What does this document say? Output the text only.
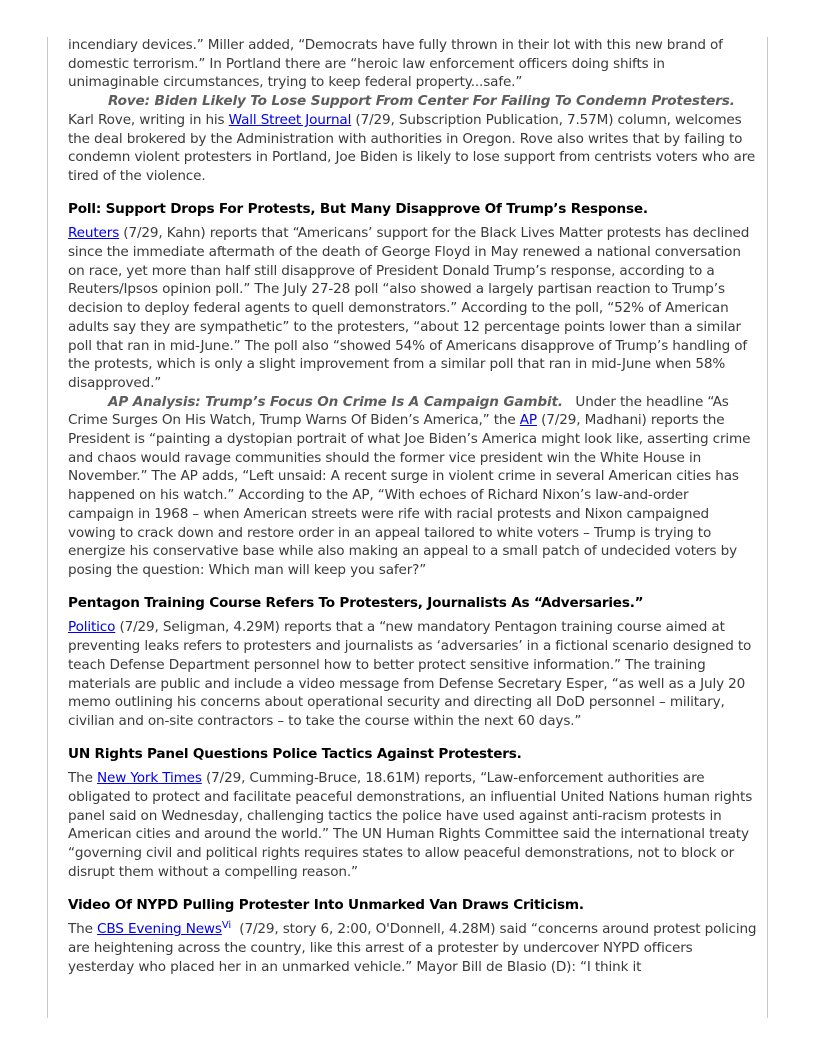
incendiary devices.” Miller added, “Democrats have fully thrown in their lot with this new brand of domestic terrorism.” In Portland there are “heroic law enforcement officers doing shifts in unimaginable circumstances, trying to keep federal property...safe.”

Rove: Biden Likely To Lose Support From Center For Failing To Condemn Protesters.   Karl Rove, writing in his Wall Street Journal (7/29, Subscription Publication, 7.57M) column, welcomes the deal brokered by the Administration with authorities in Oregon. Rove also writes that by failing to condemn violent protesters in Portland, Joe Biden is likely to lose support from centrists voters who are tired of the violence.

Poll: Support Drops For Protests, But Many Disapprove Of Trump’s Response.

Reuters (7/29, Kahn) reports that “Americans’ support for the Black Lives Matter protests has declined since the immediate aftermath of the death of George Floyd in May renewed a national conversation on race, yet more than half still disapprove of President Donald Trump’s response, according to a Reuters/Ipsos opinion poll.” The July 27-28 poll “also showed a largely partisan reaction to Trump’s decision to deploy federal agents to quell demonstrators.” According to the poll, “52% of American adults say they are sympathetic” to the protesters, “about 12 percentage points lower than a similar poll that ran in mid-June.” The poll also “showed 54% of Americans disapprove of Trump’s handling of the protests, which is only a slight improvement from a similar poll that ran in mid-June when 58% disapproved.”

AP Analysis: Trump’s Focus On Crime Is A Campaign Gambit.   Under the headline “As Crime Surges On His Watch, Trump Warns Of Biden’s America,” the AP (7/29, Madhani) reports the President is “painting a dystopian portrait of what Joe Biden’s America might look like, asserting crime and chaos would ravage communities should the former vice president win the White House in November.” The AP adds, “Left unsaid: A recent surge in violent crime in several American cities has happened on his watch.” According to the AP, “With echoes of Richard Nixon’s law-and-order campaign in 1968 – when American streets were rife with racial protests and Nixon campaigned vowing to crack down and restore order in an appeal tailored to white voters – Trump is trying to energize his conservative base while also making an appeal to a small patch of undecided voters by posing the question: Which man will keep you safer?”

Pentagon Training Course Refers To Protesters, Journalists As “Adversaries.”

Politico (7/29, Seligman, 4.29M) reports that a “new mandatory Pentagon training course aimed at preventing leaks refers to protesters and journalists as ‘adversaries’ in a fictional scenario designed to teach Defense Department personnel how to better protect sensitive information.” The training materials are public and include a video message from Defense Secretary Esper, “as well as a July 20 memo outlining his concerns about operational security and directing all DoD personnel – military, civilian and on-site contractors – to take the course within the next 60 days.”

UN Rights Panel Questions Police Tactics Against Protesters.

The New York Times (7/29, Cumming-Bruce, 18.61M) reports, “Law-enforcement authorities are obligated to protect and facilitate peaceful demonstrations, an influential United Nations human rights panel said on Wednesday, challenging tactics the police have used against anti-racism protests in American cities and around the world.” The UN Human Rights Committee said the international treaty “governing civil and political rights requires states to allow peaceful demonstrations, not to block or disrupt them without a compelling reason.”

Video Of NYPD Pulling Protester Into Unmarked Van Draws Criticism.

The CBS Evening News$^{Vi}$  (7/29, story 6, 2:00, O'Donnell, 4.28M) said “concerns around protest policing are heightening across the country, like this arrest of a protester by undercover NYPD officers yesterday who placed her in an unmarked vehicle.” Mayor Bill de Blasio (D): “I think it
